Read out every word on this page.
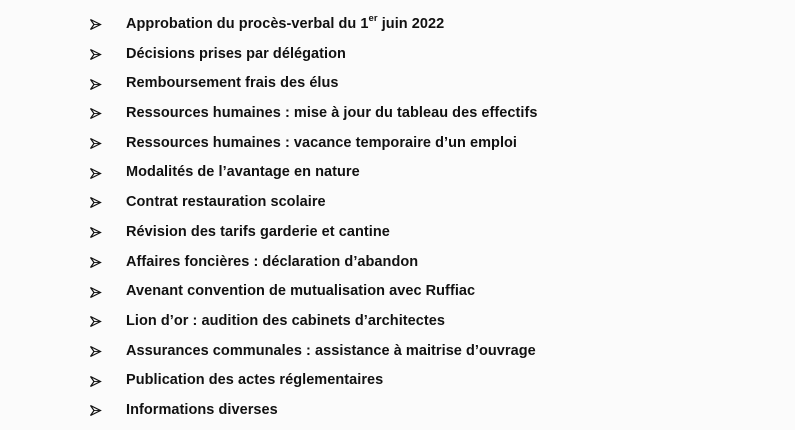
Approbation du procès-verbal du 1er juin 2022
Décisions prises par délégation
Remboursement frais des élus
Ressources humaines : mise à jour du tableau des effectifs
Ressources humaines : vacance temporaire d’un emploi
Modalités de l’avantage en nature
Contrat restauration scolaire
Révision des tarifs garderie et cantine
Affaires foncières : déclaration d’abandon
Avenant convention de mutualisation avec Ruffiac
Lion d’or : audition des cabinets d’architectes
Assurances communales : assistance à maitrise d’ouvrage
Publication des actes réglementaires
Informations diverses
